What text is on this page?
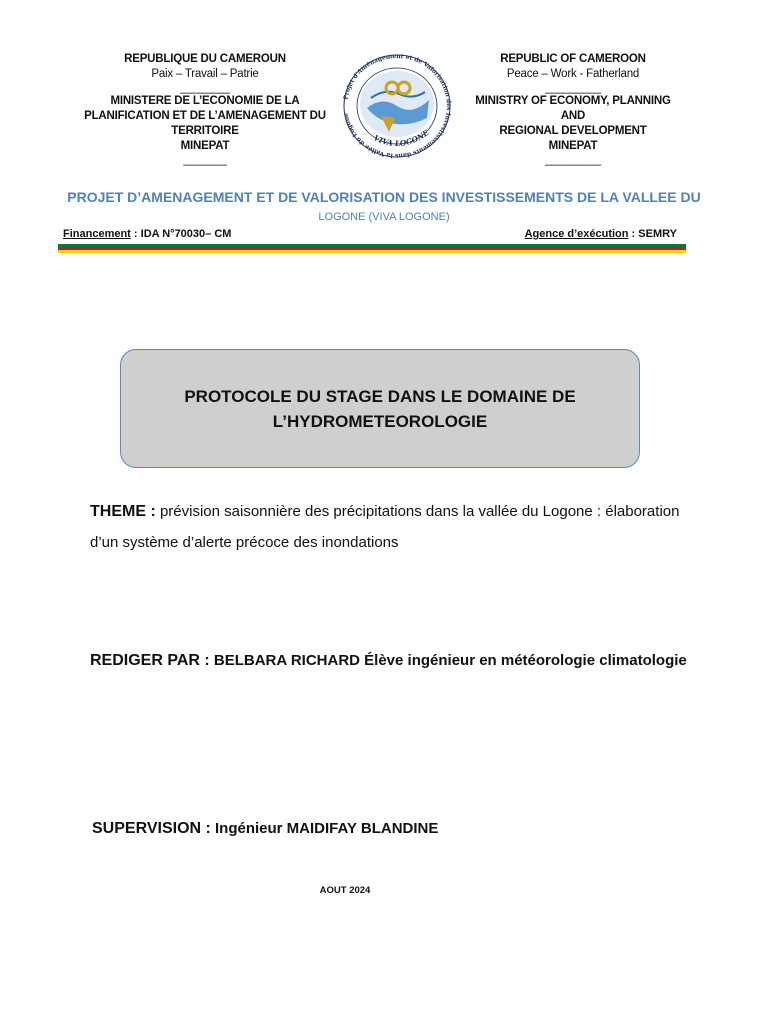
REPUBLIQUE DU CAMEROUN
Paix – Travail – Patrie
________
MINISTERE DE L’ECONOMIE DE LA
PLANIFICATION ET DE L’AMENAGEMENT DU
TERRITOIRE
MINEPAT
_______
Projet d'Aménagement et de Valorisation des Investissements dans la Vallée du Logone
VIVA LOGONE
REPUBLIC OF CAMEROON
Peace – Work - Fatherland
_________
MINISTRY OF ECONOMY, PLANNING AND
REGIONAL DEVELOPMENT
MINEPAT
_________
PROJET D’AMENAGEMENT ET DE VALORISATION DES INVESTISSEMENTS DE LA VALLEE DU
LOGONE (VIVA LOGONE)
Financement : IDA N°70030– CM	Agence d’exécution : SEMRY
PROTOCOLE DU STAGE DANS LE DOMAINE DE
L’HYDROMETEOROLOGIE
THEME : prévision saisonnière des précipitations dans la vallée du Logone : élaboration d’un système d’alerte précoce des inondations
REDIGER PAR : BELBARA RICHARD Élève ingénieur en météorologie climatologie
SUPERVISION : Ingénieur MAIDIFAY BLANDINE
AOUT 2024
